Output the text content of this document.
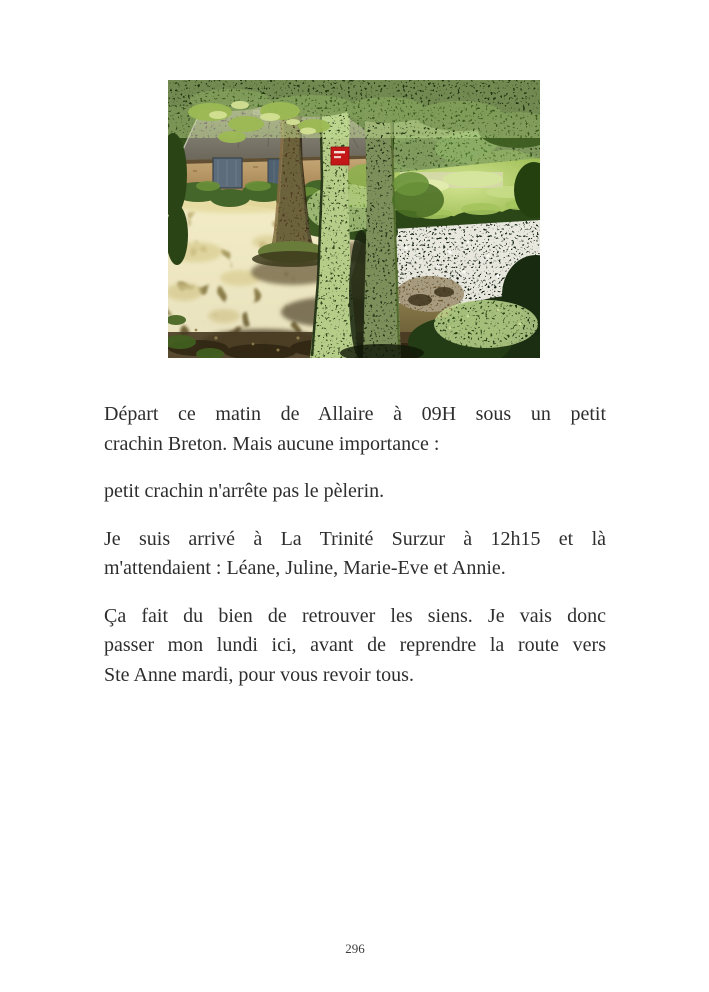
Départ ce matin de Allaire à 09H sous un petit
crachin Breton. Mais aucune importance :
petit crachin n'arrête pas le pèlerin.
Je suis arrivé à La Trinité Surzur à 12h15 et là
m'attendaient : Léane, Juline, Marie-Eve et Annie.
Ça fait du bien de retrouver les siens. Je vais donc
passer mon lundi ici, avant de reprendre la route vers
Ste Anne mardi, pour vous revoir tous.
296
